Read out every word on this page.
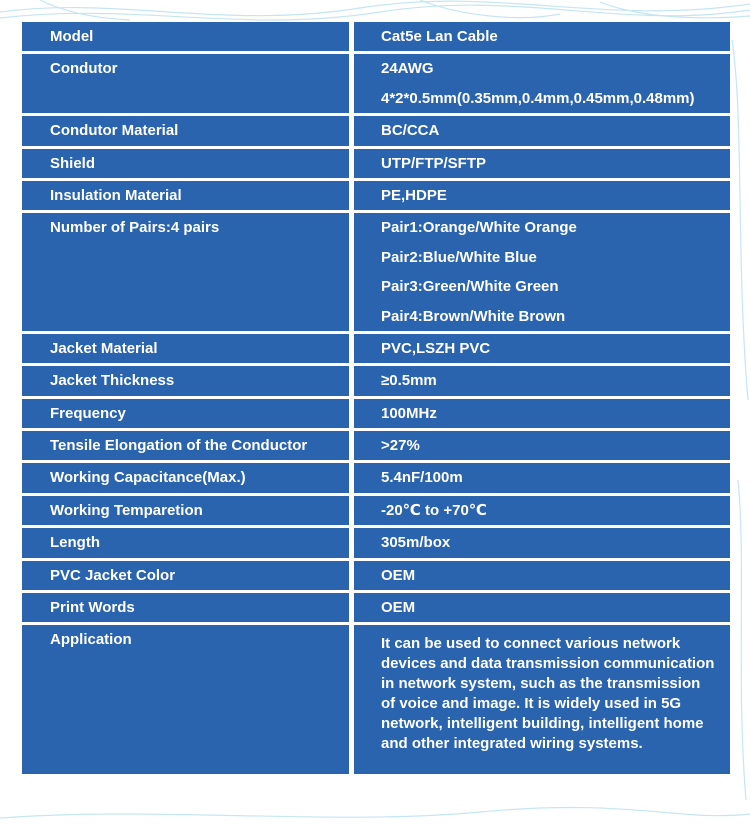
Model	Cat5e Lan Cable
Condutor	24AWG
4*2*0.5mm(0.35mm,0.4mm,0.45mm,0.48mm)
Condutor Material	BC/CCA
Shield	UTP/FTP/SFTP
Insulation Material	PE,HDPE
Number of Pairs:4 pairs	Pair1:Orange/White Orange
Pair2:Blue/White Blue
Pair3:Green/White Green
Pair4:Brown/White Brown
Jacket Material	PVC,LSZH PVC
Jacket Thickness	≥0.5mm
Frequency	100MHz
Tensile Elongation of the Conductor	>27%
Working Capacitance(Max.)	5.4nF/100m
Working Tempareti​on	-20℃ to +70℃
Length	305m/box
PVC Jacket Color	OEM
Print Words	OEM
Application	It can be used to connect various network devices and data transmission communication in network system, such as the transmission of voice and image. It is widely used in 5G network, intelligent building, intelligent home and other integrated wiring systems.
